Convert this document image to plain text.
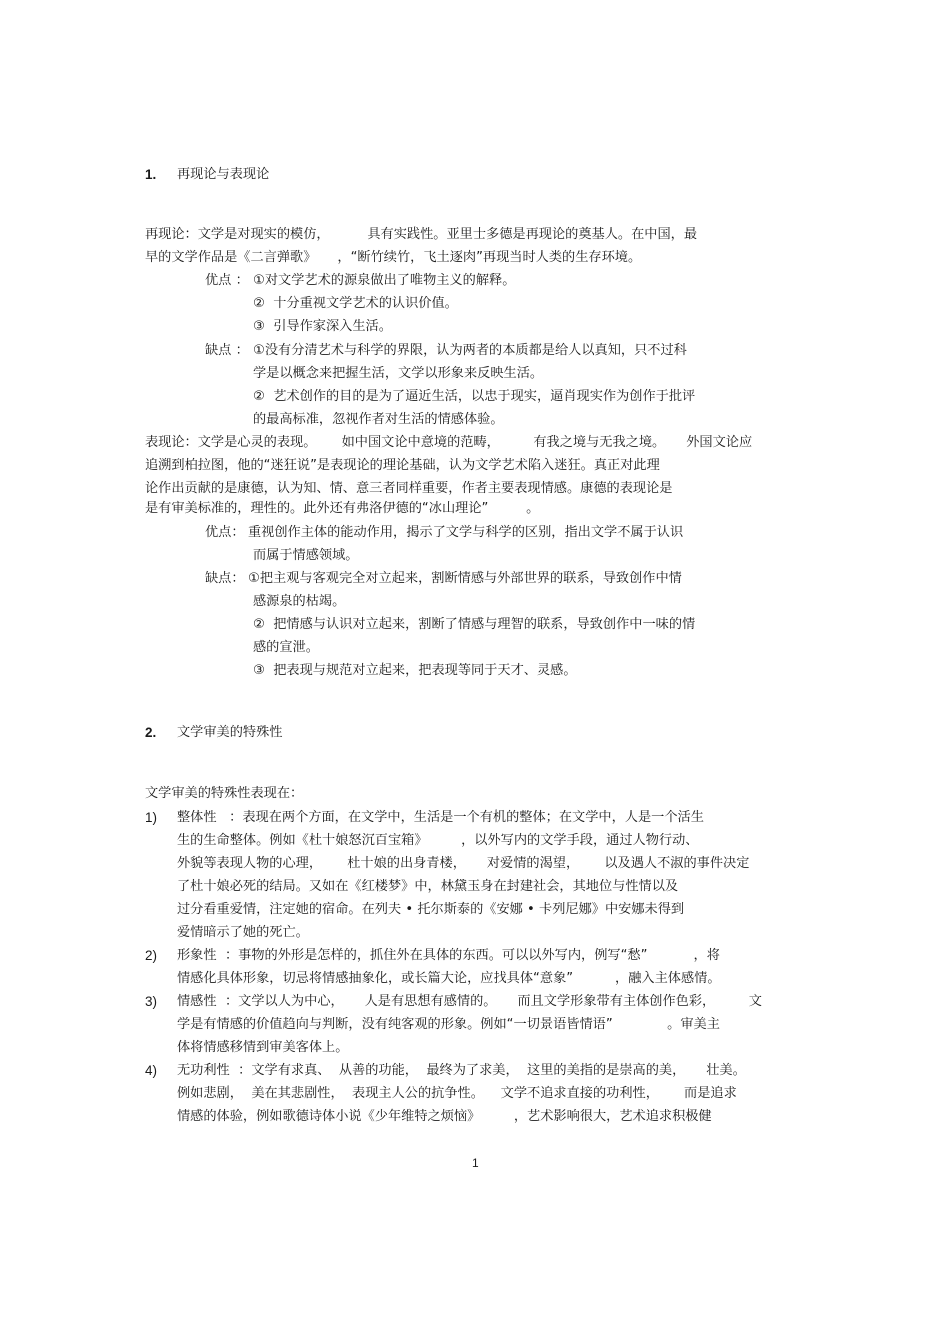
1. 再现论与表现论
再现论：文学是对现实的模仿，         具有实践性。亚里士多德是再现论的奠基人。在中国，最
早的文学作品是《二言弹歌》     ，“断竹续竹，飞土逐肉”再现当时人类的生存环境。
优点 ： ①对文学艺术的源泉做出了唯物主义的解释。
②  十分重视文学艺术的认识价值。
③  引导作家深入生活。
缺点 ： ①没有分清艺术与科学的界限，认为两者的本质都是给人以真知，只不过科
学是以概念来把握生活，文学以形象来反映生活。
②  艺术创作的目的是为了逼近生活，以忠于现实，逼肖现实作为创作于批评
的最高标准，忽视作者对生活的情感体验。
表现论：文学是心灵的表现。      如中国文论中意境的范畴，        有我之境与无我之境。     外国文论应
追溯到柏拉图，他的“迷狂说”是表现论的理论基础，认为文学艺术陷入迷狂。真正对此理
论作出贡献的是康德，认为知、情、意三者同样重要，作者主要表现情感。康德的表现论是
是有审美标准的，理性的。此外还有弗洛伊德的“冰山理论”         。
优点： 重视创作主体的能动作用，揭示了文学与科学的区别，指出文学不属于认识
而属于情感领域。
缺点： ①把主观与客观完全对立起来，割断情感与外部世界的联系，导致创作中情
感源泉的枯竭。
②  把情感与认识对立起来，割断了情感与理智的联系，导致创作中一味的情
感的宣泄。
③  把表现与规范对立起来，把表现等同于天才、灵感。
2. 文学审美的特殊性
文学审美的特殊性表现在：
1) 整体性   ：表现在两个方面，在文学中，生活是一个有机的整体；在文学中，人是一个活生
生的生命整体。例如《杜十娘怒沉百宝箱》        ，以外写内的文学手段，通过人物行动、
外貌等表现人物的心理，      杜十娘的出身青楼，     对爱情的渴望，      以及遇人不淑的事件决定
了杜十娘必死的结局。又如在《红楼梦》中，林黛玉身在封建社会，其地位与性情以及
过分看重爱情，注定她的宿命。在列夫 • 托尔斯泰的《安娜 • 卡列尼娜》中安娜未得到
爱情暗示了她的死亡。
2) 形象性  ：事物的外形是怎样的，抓住外在具体的东西。可以以外写内，例写“愁”           ，将
情感化具体形象，切忌将情感抽象化，或长篇大论，应找具体“意象”          ，融入主体感情。
3) 情感性  ：文学以人为中心，     人是有思想有感情的。     而且文学形象带有主体创作色彩，        文
学是有情感的价值趋向与判断，没有纯客观的形象。例如“一切景语皆情语”             。审美主
体将情感移情到审美客体上。
4) 无功利性  ：文学有求真、  从善的功能，  最终为了求美，  这里的美指的是崇高的美，     壮美。
例如悲剧，  美在其悲剧性，  表现主人公的抗争性。    文学不追求直接的功利性，      而是追求
情感的体验，例如歌德诗体小说《少年维特之烦恼》        ，艺术影响很大，艺术追求积极健
1
